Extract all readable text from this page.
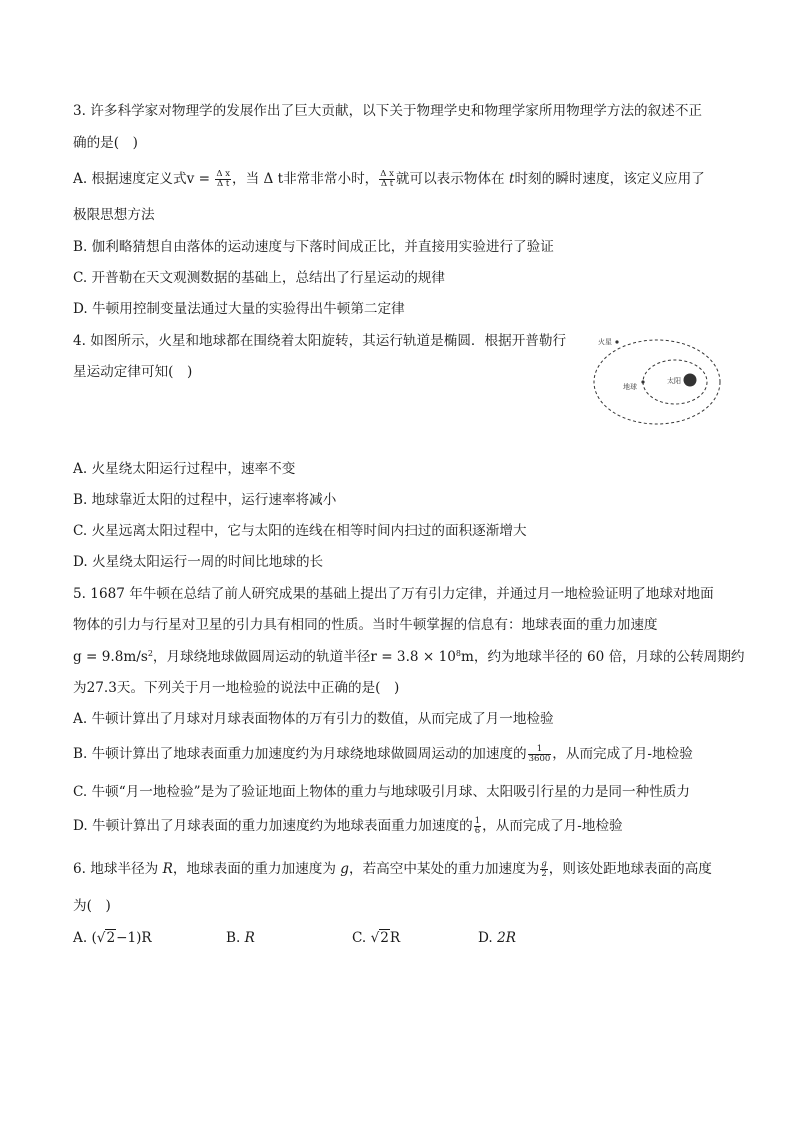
3. 许多科学家对物理学的发展作出了巨大贡献，以下关于物理学史和物理学家所用物理学方法的叙述不正
确的是(　)
A. 根据速度定义式$v = \frac{\text{Δ x}}{\text{Δ t}}$ ，当 Δ t非常非常小时， $\frac{\text{Δ x}}{\text{Δ t}}$ 就可以表示物体在 t时刻的瞬时速度，该定义应用了
极限思想方法
B. 伽利略猜想自由落体的运动速度与下落时间成正比，并直接用实验进行了验证
C. 开普勒在天文观测数据的基础上，总结出了行星运动的规律
D. 牛顿用控制变量法通过大量的实验得出牛顿第二定律
4. 如图所示，火星和地球都在围绕着太阳旋转，其运行轨道是椭圆．根据开普勒行
星运动定律可知(　)
火星
地球
太阳
A. 火星绕太阳运行过程中，速率不变
B. 地球靠近太阳的过程中，运行速率将减小
C. 火星远离太阳过程中，它与太阳的连线在相等时间内扫过的面积逐渐增大
D. 火星绕太阳运行一周的时间比地球的长
5. 1687 年牛顿在总结了前人研究成果的基础上提出了万有引力定律，并通过月一地检验证明了地球对地面
物体的引力与行星对卫星的引力具有相同的性质。当时牛顿掌握的信息有：地球表面的重力加速度
$g = 9.8m/s^2$，月球绕地球做圆周运动的轨道半径$r = 3.8 \times 10^8m$，约为地球半径的 60 倍，月球的公转周期约
为27.3天。下列关于月一地检验的说法中正确的是(　)
A. 牛顿计算出了月球对月球表面物体的万有引力的数值，从而完成了月一地检验
B. 牛顿计算出了地球表面重力加速度约为月球绕地球做圆周运动的加速度的 $\frac{1}{3600}$ ，从而完成了月-地检验
C. 牛顿“月一地检验”是为了验证地面上物体的重力与地球吸引月球、太阳吸引行星的力是同一种性质力
D. 牛顿计算出了月球表面的重力加速度约为地球表面重力加速度的 $\frac{1}{6}$ ，从而完成了月-地检验
6. 地球半径为 R，地球表面的重力加速度为 g，若高空中某处的重力加速度为 $\frac{g}{2}$ ，则该处距地球表面的高度
为(　)
A. (√2−1)R	B. R	C. √2R	D. 2R
